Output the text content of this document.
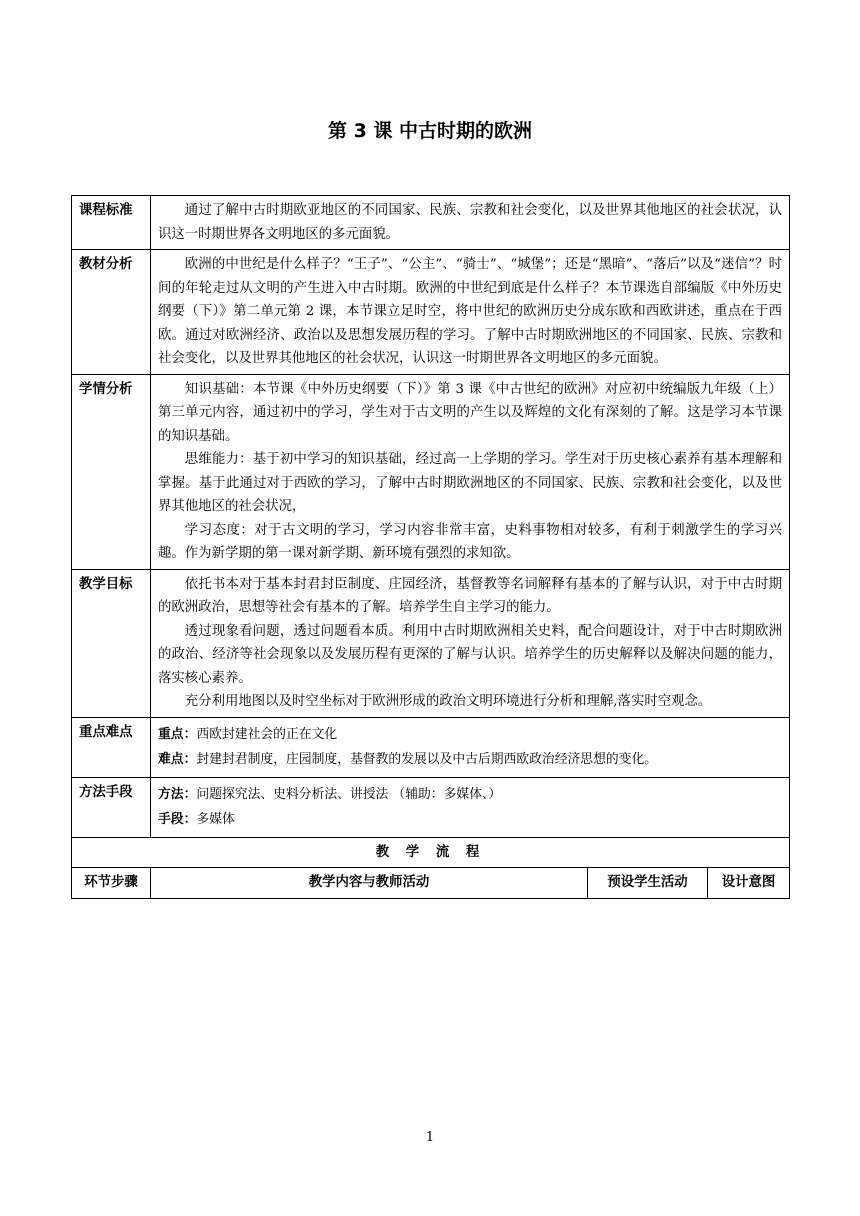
第 3 课 中古时期的欧洲
课程标准	通过了解中古时期欧亚地区的不同国家、民族、宗教和社会变化，以及世界其他地区的社会状况，认识这一时期世界各文明地区的多元面貌。		

教材分析	欧洲的中世纪是什么样子？“王子”、“公主”、“骑士”、“城堡”；还是“黑暗”、“落后”以及“迷信”？时间的年轮走过从文明的产生进入中古时期。欧洲的中世纪到底是什么样子？本节课选自部编版《中外历史纲要（下）》第二单元第 2 课，本节课立足时空，将中世纪的欧洲历史分成东欧和西欧讲述，重点在于西欧。通过对欧洲经济、政治以及思想发展历程的学习。了解中古时期欧洲地区的不同国家、民族、宗教和社会变化，以及世界其他地区的社会状况，认识这一时期世界各文明地区的多元面貌。		

学情分析	知识基础：本节课《中外历史纲要（下）》第 3 课《中古世纪的欧洲》对应初中统编版九年级（上）第三单元内容，通过初中的学习，学生对于古文明的产生以及辉煌的文化有深刻的了解。这是学习本节课的知识基础。

思维能力：基于初中学习的知识基础，经过高一上学期的学习。学生对于历史核心素养有基本理解和掌握。基于此通过对于西欧的学习，了解中古时期欧洲地区的不同国家、民族、宗教和社会变化，以及世界其他地区的社会状况，

学习态度：对于古文明的学习，学习内容非常丰富，史料事物相对较多，有利于刺激学生的学习兴趣。作为新学期的第一课对新学期、新环境有强烈的求知欲。		

教学目标	依托书本对于基本封君封臣制度、庄园经济，基督教等名词解释有基本的了解与认识，对于中古时期的欧洲政治，思想等社会有基本的了解。培养学生自主学习的能力。

透过现象看问题，透过问题看本质。利用中古时期欧洲相关史料，配合问题设计，对于中古时期欧洲的政治、经济等社会现象以及发展历程有更深的了解与认识。培养学生的历史解释以及解决问题的能力，落实核心素养。

充分利用地图以及时空坐标对于欧洲形成的政治文明环境进行分析和理解,落实时空观念。		

重点难点	重点：西欧封建社会的正在文化
难点：封建封君制度，庄园制度，基督教的发展以及中古后期西欧政治经济思想的变化。		

方法手段	方法：问题探究法、史料分析法、讲授法 （辅助：多媒体、）
手段：多媒体		

教 学 流 程			
环节步骤	教学内容与教师活动	预设学生活动	设计意图
1
